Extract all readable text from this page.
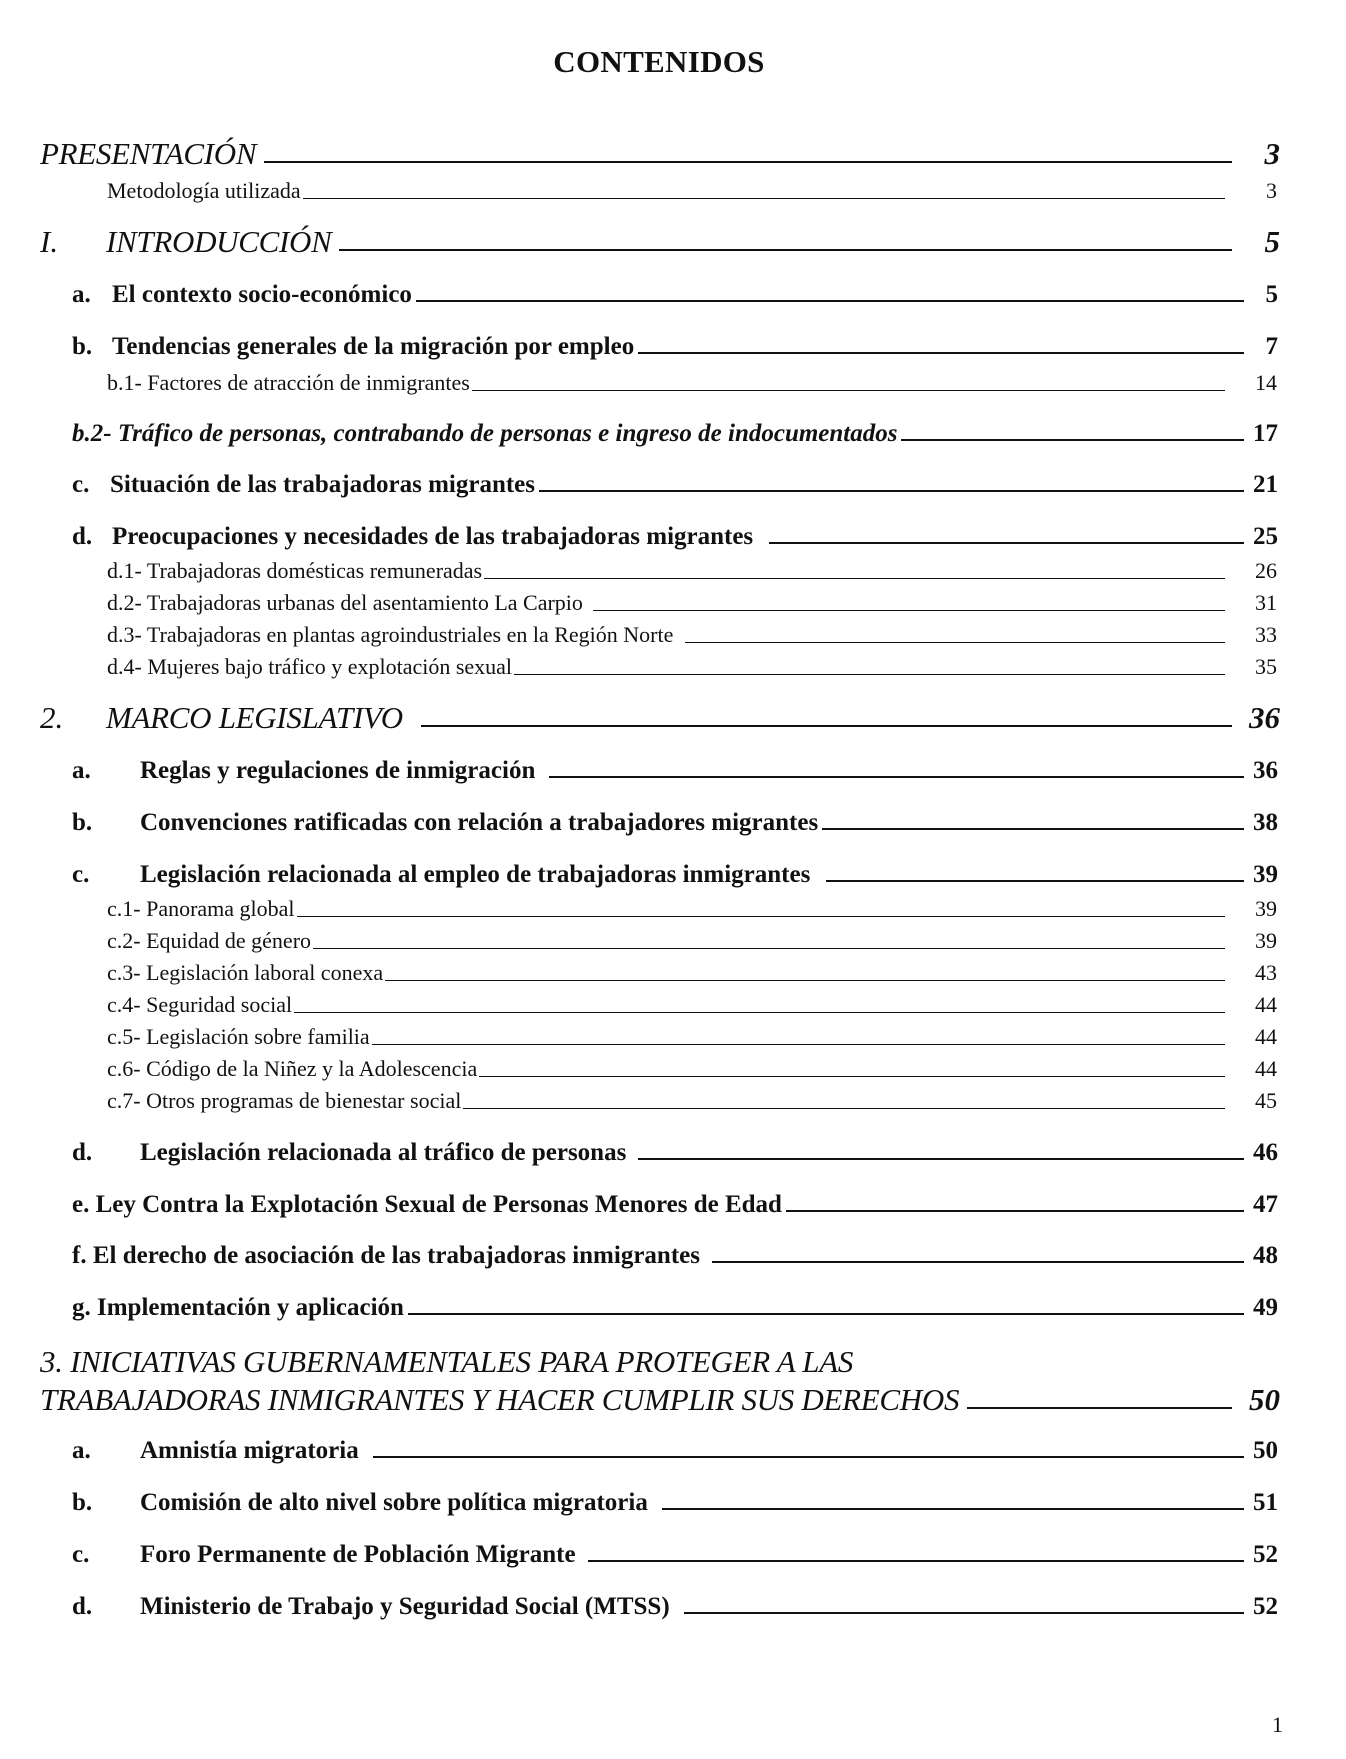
CONTENIDOS
PRESENTACIÓN	3
Metodología utilizada	3
I.	INTRODUCCIÓN	5
a. El contexto socio-económico	5
b. Tendencias generales de la migración por empleo	7
b.1- Factores de atracción de inmigrantes	14
b.2- Tráfico de personas, contrabando de personas e ingreso de indocumentados	17
c. Situación de las trabajadoras migrantes	21
d. Preocupaciones y necesidades de las trabajadoras migrantes	25
d.1- Trabajadoras domésticas remuneradas	26
d.2- Trabajadoras urbanas del asentamiento La Carpio	31
d.3- Trabajadoras en plantas agroindustriales en la Región Norte	33
d.4- Mujeres bajo tráfico y explotación sexual	35
2.	MARCO LEGISLATIVO	36
a.	Reglas y regulaciones de inmigración	36
b.	Convenciones ratificadas con relación a trabajadores migrantes	38
c.	Legislación relacionada al empleo de trabajadoras inmigrantes	39
c.1- Panorama global	39
c.2- Equidad de género	39
c.3- Legislación laboral conexa	43
c.4- Seguridad social	44
c.5- Legislación sobre familia	44
c.6- Código de la Niñez y la Adolescencia	44
c.7- Otros programas de bienestar social	45
d.	Legislación relacionada al tráfico de personas	46
e. Ley Contra la Explotación Sexual de Personas Menores de Edad	47
f. El derecho de asociación de las trabajadoras inmigrantes	48
g. Implementación y aplicación	49
3. INICIATIVAS GUBERNAMENTALES PARA PROTEGER A LAS
TRABAJADORAS INMIGRANTES Y HACER CUMPLIR SUS DERECHOS	50
a.	Amnistía migratoria	50
b.	Comisión de alto nivel sobre política migratoria	51
c.	Foro Permanente de Población Migrante	52
d.	Ministerio de Trabajo y Seguridad Social (MTSS)	52
1
